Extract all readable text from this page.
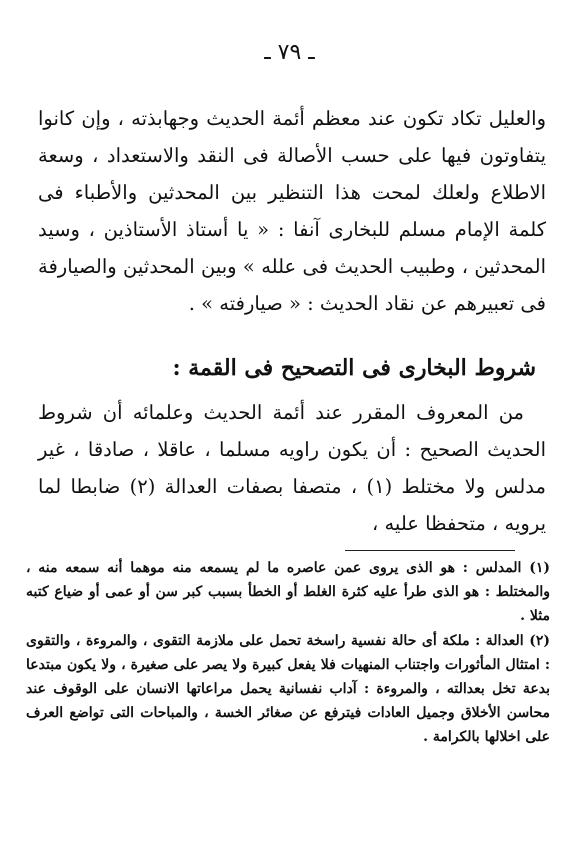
ـ ٧٩ ـ

والعليل تكاد تكون عند معظم أئمة الحديث وجهابذته ، وإن كانوا يتفاوتون فيها على حسب الأصالة فى النقد والاستعداد ، وسعة الاطلاع ولعلك لمحت هذا التنظير بين المحدثين والأطباء فى كلمة الإمام مسلم للبخارى آنفا : « يا أستاذ الأستاذين ، وسيد المحدثين ، وطبيب الحديث فى علله » وبين المحدثين والصيارفة فى تعبيرهم عن نقاد الحديث : « صيارفته » .

شروط البخارى فى التصحيح فى القمة :

من المعروف المقرر عند أئمة الحديث وعلمائه أن شروط الحديث الصحيح : أن يكون راويه مسلما ، عاقلا ، صادقا ، غير مدلس ولا مختلط (١) ، متصفا بصفات العدالة (٢) ضابطا لما يرويه ، متحفظا عليه ،

(١) المدلس : هو الذى يروى عمن عاصره ما لم يسمعه منه موهما أنه سمعه منه ، والمختلط : هو الذى طرأ عليه كثرة الغلط أو الخطأ بسبب كبر سن أو عمى أو ضياع كتبه مثلا .

(٢) العدالة : ملكة أى حالة نفسية راسخة تحمل على ملازمة التقوى ، والمروءة ، والتقوى : امتثال المأثورات واجتناب المنهيات فلا يفعل كبيرة ولا يصر على صغيرة ، ولا يكون مبتدعا بدعة تخل بعدالته ، والمروءة : آداب نفسانية يحمل مراعاتها الانسان على الوقوف عند محاسن الأخلاق وجميل العادات فيترفع عن صغائر الخسة ، والمباحات التى تواضع العرف على اخلالها بالكرامة .
